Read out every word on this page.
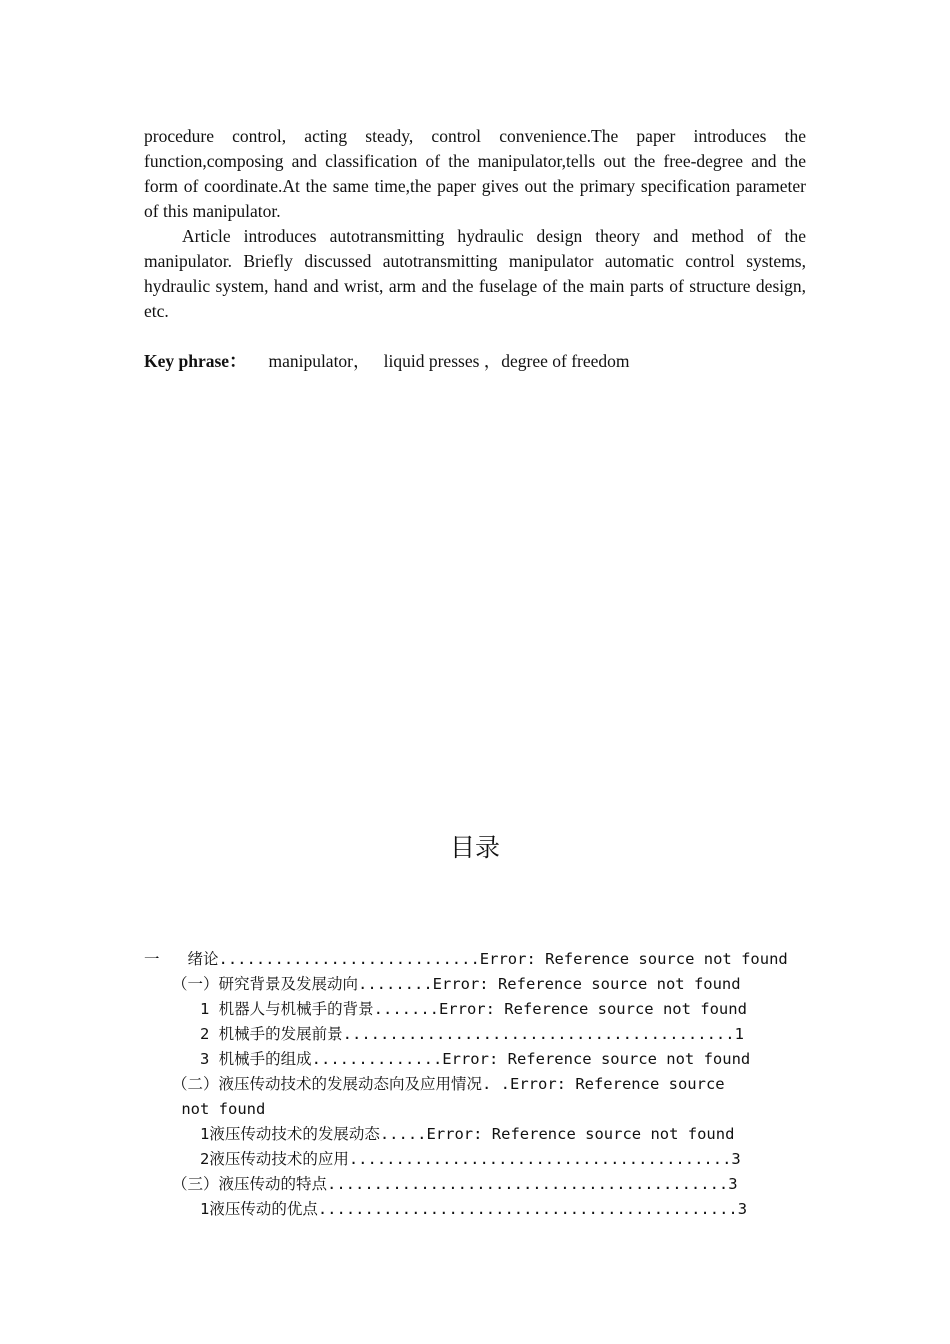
procedure control, acting steady, control convenience.The paper introduces the function,composing and classification of the manipulator,tells out the free-degree and the form of coordinate.At the same time,the paper gives out the primary specification parameter of this manipulator.

Article introduces autotransmitting hydraulic design theory and method of the manipulator. Briefly discussed autotransmitting manipulator automatic control systems, hydraulic system, hand and wrist, arm and the fuselage of the main parts of structure design, etc.

Key phrase： manipulator，   liquid presses ，degree of freedom
目录
一   绪论............................Error: Reference source not found
（一）研究背景及发展动向........Error: Reference source not found
1 机器人与机械手的背景.......Error: Reference source not found
2 机械手的发展前景..........................................1
3 机械手的组成..............Error: Reference source not found
（二）液压传动技术的发展动态向及应用情况. .Error: Reference source
not found
1液压传动技术的发展动态.....Error: Reference source not found
2液压传动技术的应用.........................................3
（三）液压传动的特点...........................................3
1液压传动的优点.............................................3
